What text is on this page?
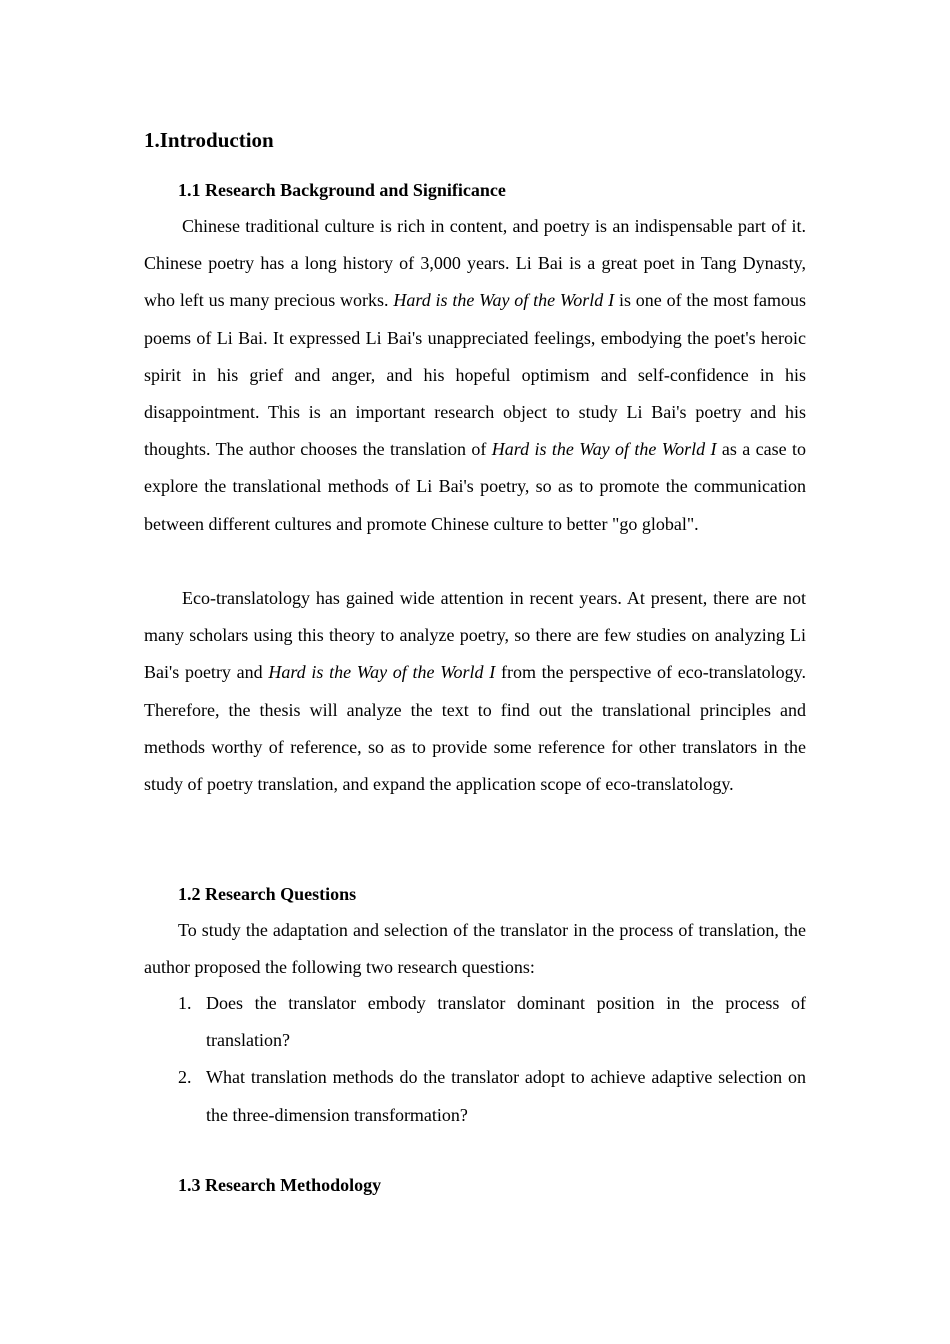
1.Introduction
1.1 Research Background and Significance

Chinese traditional culture is rich in content, and poetry is an indispensable part of it. Chinese poetry has a long history of 3,000 years. Li Bai is a great poet in Tang Dynasty, who left us many precious works. Hard is the Way of the World I is one of the most famous poems of Li Bai. It expressed Li Bai's unappreciated feelings, embodying the poet's heroic spirit in his grief and anger, and his hopeful optimism and self-confidence in his disappointment. This is an important research object to study Li Bai's poetry and his thoughts. The author chooses the translation of Hard is the Way of the World I as a case to explore the translational methods of Li Bai's poetry, so as to promote the communication between different cultures and promote Chinese culture to better "go global".

Eco-translatology has gained wide attention in recent years. At present, there are not many scholars using this theory to analyze poetry, so there are few studies on analyzing Li Bai's poetry and Hard is the Way of the World I from the perspective of eco-translatology. Therefore, the thesis will analyze the text to find out the translational principles and methods worthy of reference, so as to provide some reference for other translators in the study of poetry translation, and expand the application scope of eco-translatology.

1.2 Research Questions

To study the adaptation and selection of the translator in the process of translation, the author proposed the following two research questions:

1. Does the translator embody translator dominant position in the process of translation?
2. What translation methods do the translator adopt to achieve adaptive selection on the three-dimension transformation?
1.3 Research Methodology
